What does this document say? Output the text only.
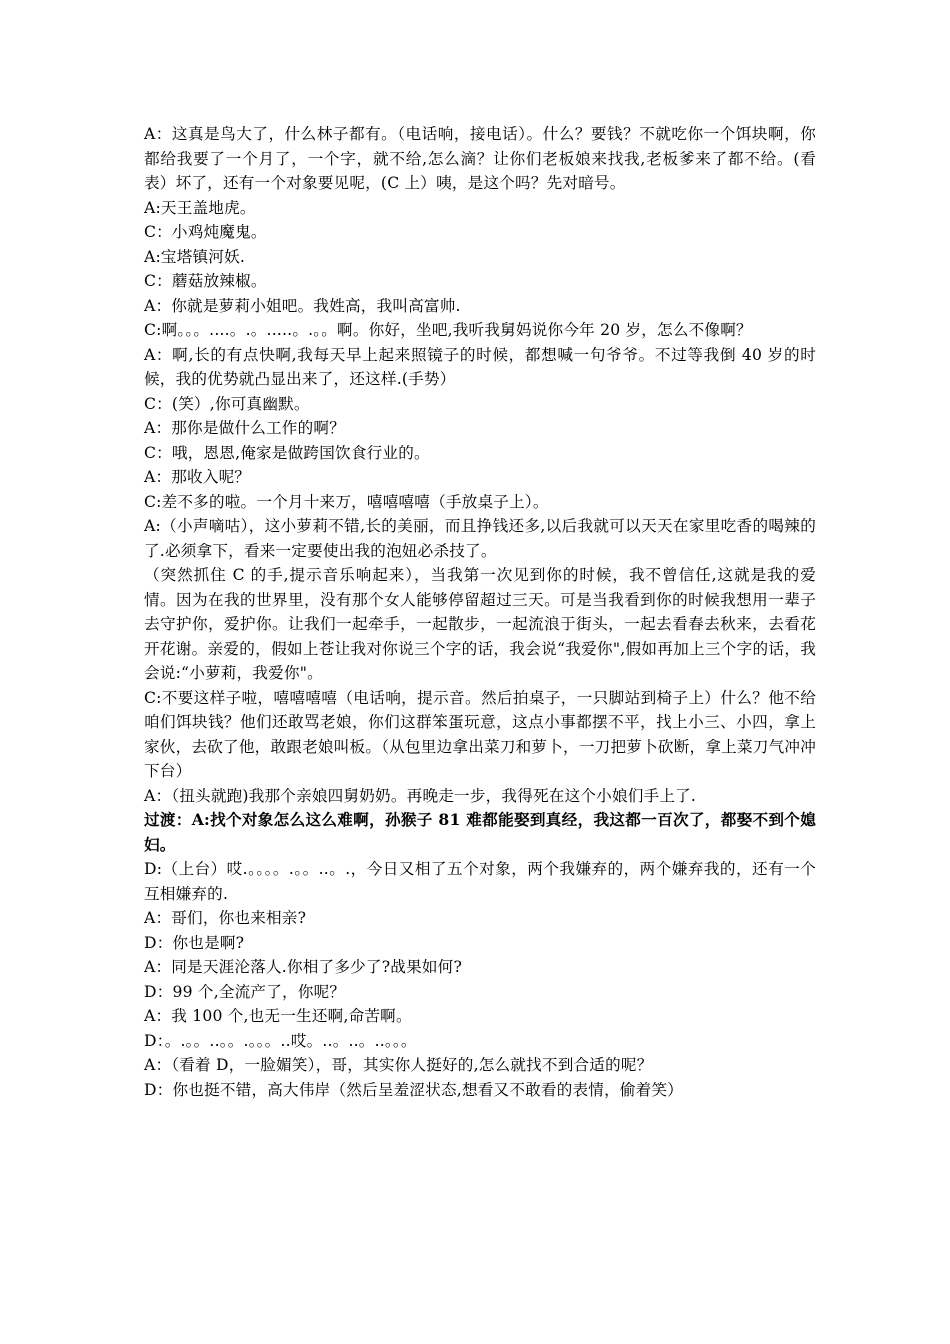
A：这真是鸟大了，什么林子都有。（电话响，接电话）。什么？要钱？不就吃你一个饵块啊，你都给我要了一个月了，一个字，就不给,怎么滴？让你们老板娘来找我,老板爹来了都不给。(看表）坏了，还有一个对象要见呢，(C 上）咦，是这个吗？先对暗号。

A:天王盖地虎。

C：小鸡炖魔鬼。

A:宝塔镇河妖.

C：蘑菇放辣椒。

A：你就是萝莉小姐吧。我姓高，我叫高富帅.

C:啊。。。....。.。.....。.。。啊。你好，坐吧,我听我舅妈说你今年 20 岁，怎么不像啊？

A：啊,长的有点快啊,我每天早上起来照镜子的时候，都想喊一句爷爷。不过等我倒 40 岁的时候，我的优势就凸显出来了，还这样.(手势）

C：(笑）,你可真幽默。

A：那你是做什么工作的啊？

C：哦，恩恩,俺家是做跨国饮食行业的。

A：那收入呢？

C:差不多的啦。一个月十来万，嘻嘻嘻嘻（手放桌子上）。

A:（小声嘀咕），这小萝莉不错,长的美丽，而且挣钱还多,以后我就可以天天在家里吃香的喝辣的了.必须拿下，看来一定要使出我的泡妞必杀技了。

（突然抓住 C 的手,提示音乐响起来），当我第一次见到你的时候，我不曾信任,这就是我的爱情。因为在我的世界里，没有那个女人能够停留超过三天。可是当我看到你的时候我想用一辈子去守护你，爱护你。让我们一起牵手，一起散步，一起流浪于街头，一起去看春去秋来，去看花开花谢。亲爱的，假如上苍让我对你说三个字的话，我会说“我爱你",假如再加上三个字的话，我会说:“小萝莉，我爱你"。

C:不要这样子啦，嘻嘻嘻嘻（电话响，提示音。然后拍桌子，一只脚站到椅子上）什么？他不给咱们饵块钱？他们还敢骂老娘，你们这群笨蛋玩意，这点小事都摆不平，找上小三、小四，拿上家伙，去砍了他，敢跟老娘叫板。（从包里边拿出菜刀和萝卜，一刀把萝卜砍断，拿上菜刀气冲冲下台）

A：（扭头就跑)我那个亲娘四舅奶奶。再晚走一步，我得死在这个小娘们手上了.

过渡：A:找个对象怎么这么难啊，孙猴子 81 难都能娶到真经，我这都一百次了，都娶不到个媳妇。

D:（上台）哎.。。。。.。。..。.，今日又相了五个对象，两个我嫌弃的，两个嫌弃我的，还有一个互相嫌弃的.

A：哥们，你也来相亲?

D：你也是啊?

A：同是天涯沦落人.你相了多少了?战果如何?

D：99 个,全流产了，你呢？

A：我 100 个,也无一生还啊,命苦啊。

D：。.。。..。。.。。。..哎。..。..。..。。。

A：（看着 D，一脸媚笑），哥，其实你人挺好的,怎么就找不到合适的呢？

D：你也挺不错，高大伟岸（然后呈羞涩状态,想看又不敢看的表情，偷着笑）
